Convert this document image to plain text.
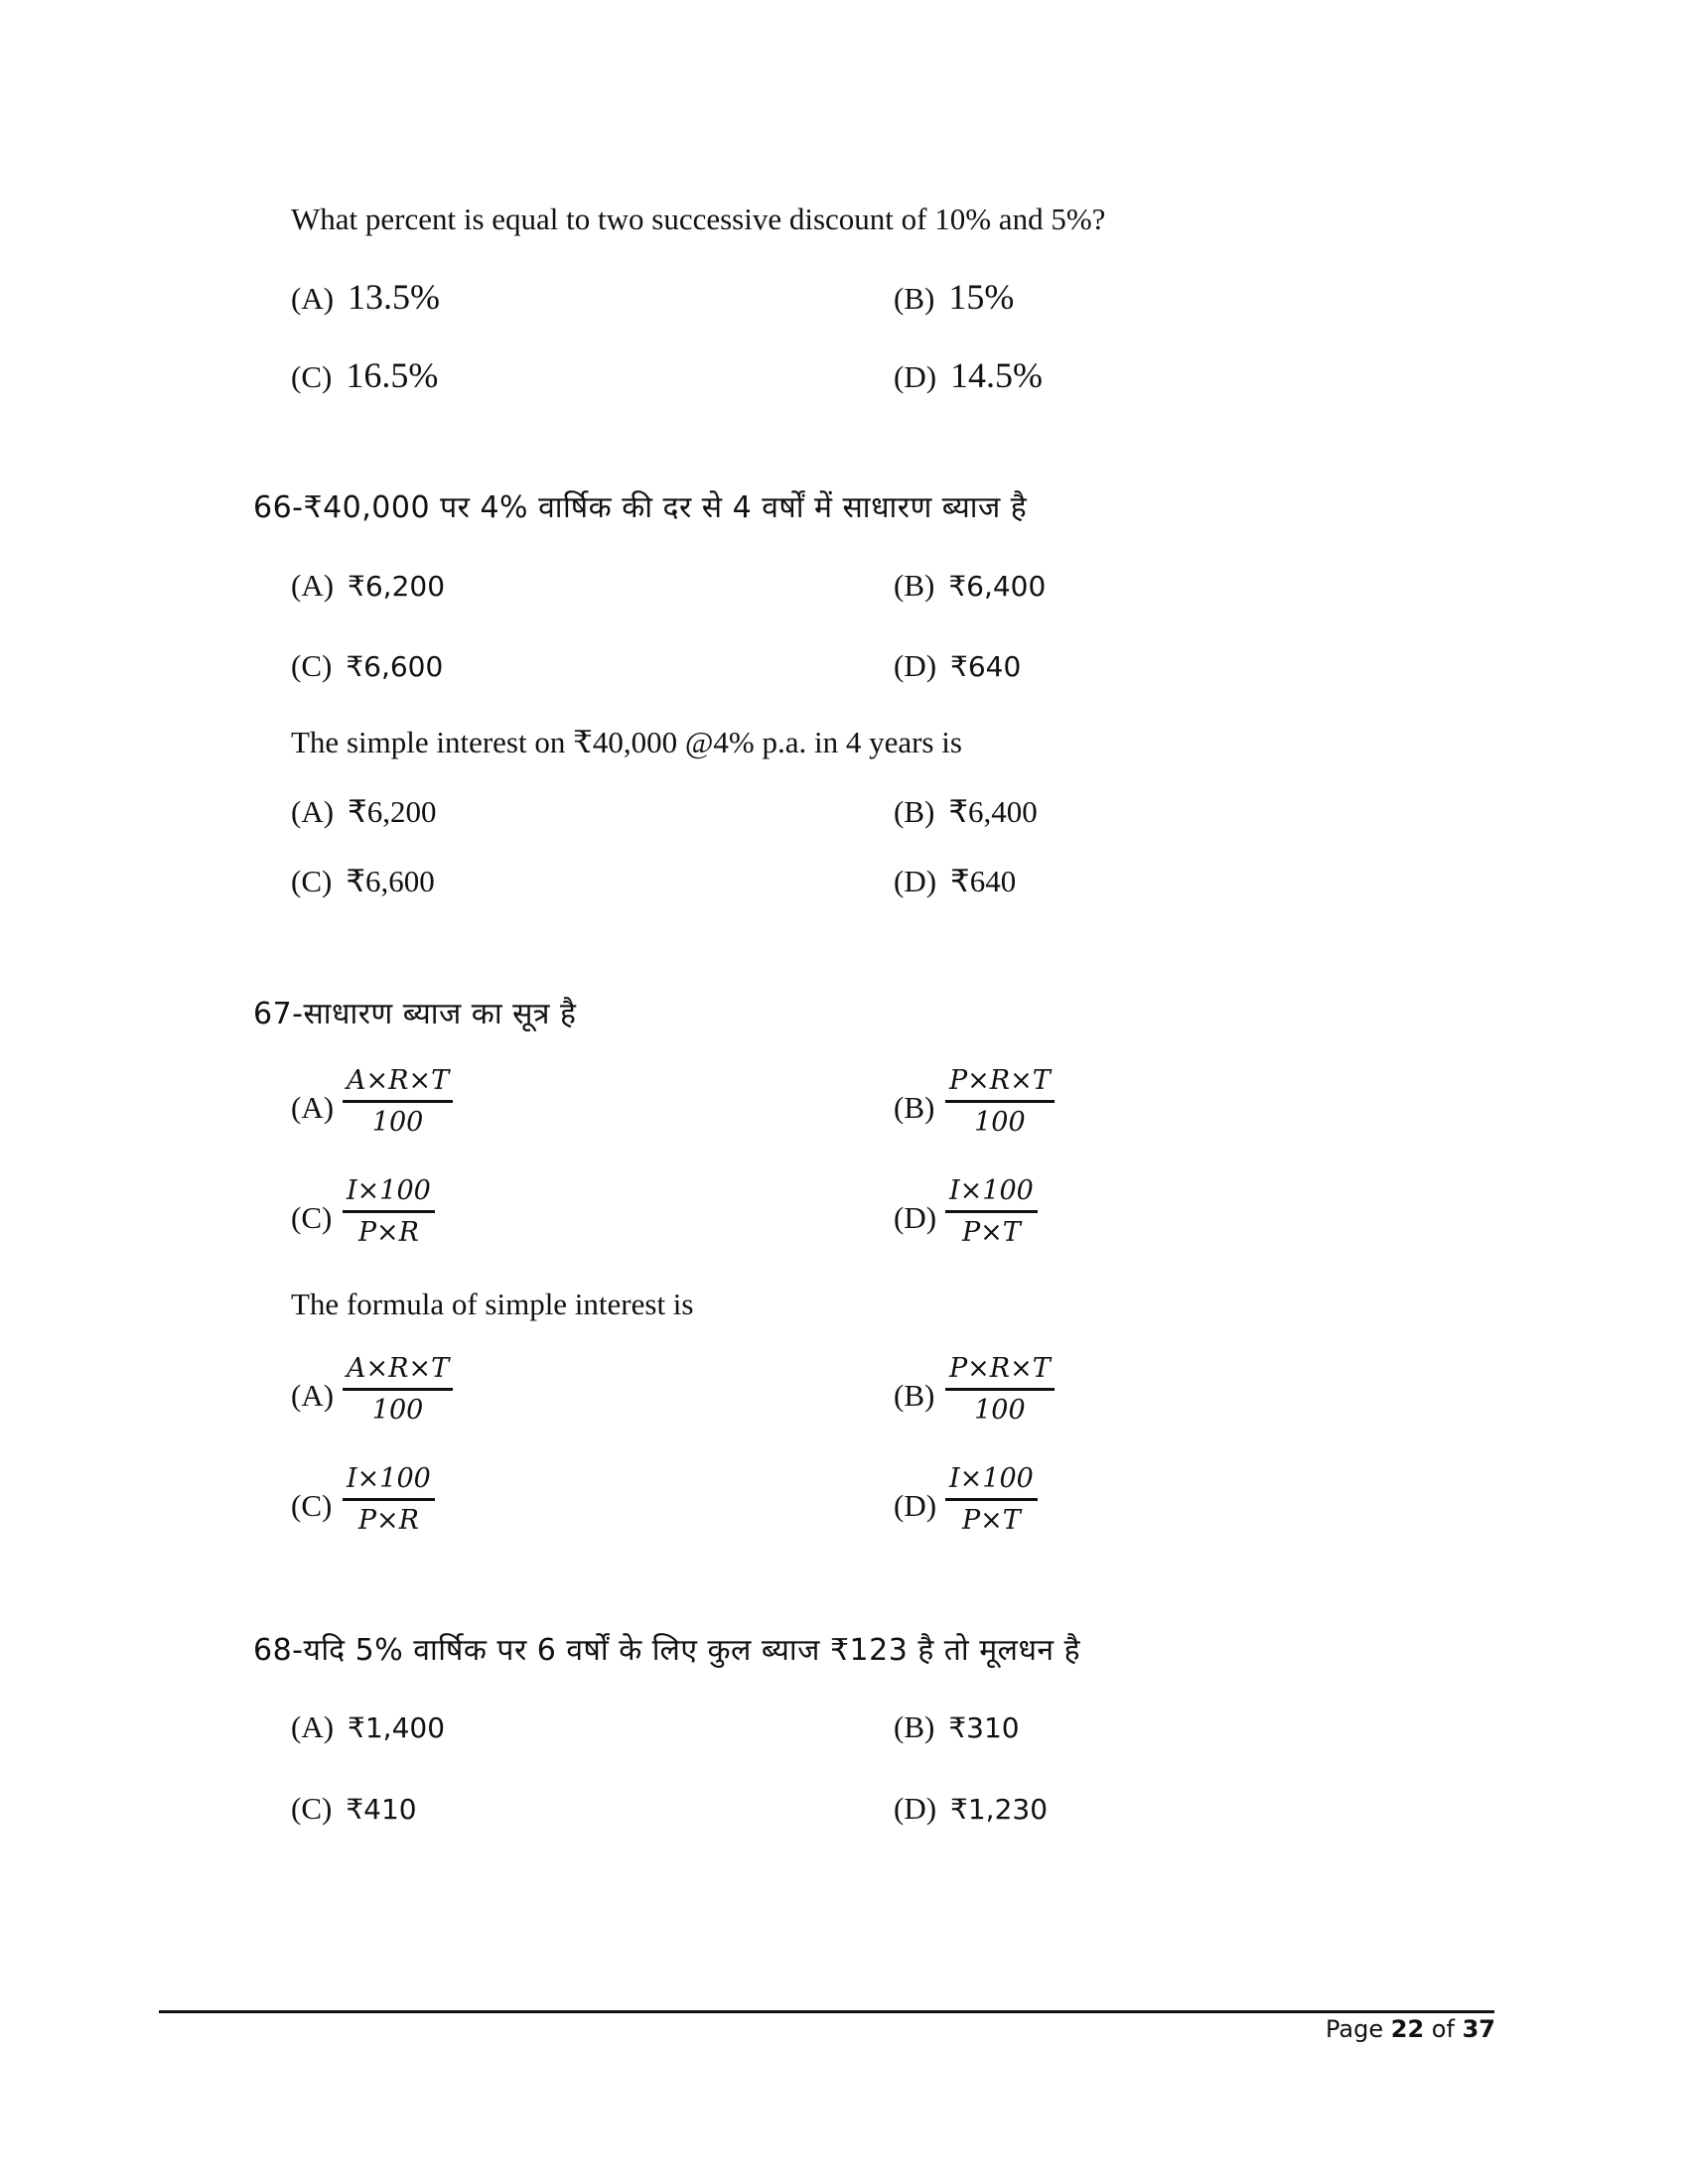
What percent is equal to two successive discount of 10% and 5%?
(A) 13.5%	(B) 15%
(C) 16.5%	(D) 14.5%
66-₹40,000 पर 4% वार्षिक की दर से 4 वर्षों में साधारण ब्याज है
(A) ₹6,200	(B) ₹6,400
(C) ₹6,600	(D) ₹640
The simple interest on ₹40,000 @4% p.a. in 4 years is
(A) ₹6,200	(B) ₹6,400
(C) ₹6,600	(D) ₹640
67-साधारण ब्याज का सूत्र है
$(A) \frac{A\times R\times T}{100}$	$(B) \frac{P\times R\times T}{100}$
$(C) \frac{I\times 100}{P\times R}$	$(D) \frac{I\times 100}{P\times T}$
The formula of simple interest is
$(A) \frac{A\times R\times T}{100}$	$(B) \frac{P\times R\times T}{100}$
$(C) \frac{I\times 100}{P\times R}$	$(D) \frac{I\times 100}{P\times T}$
68-यदि 5% वार्षिक पर 6 वर्षों के लिए कुल ब्याज ₹123 है तो मूलधन है
(A) ₹1,400	(B) ₹310
(C) ₹410	(D) ₹1,230
Page 22 of 37
